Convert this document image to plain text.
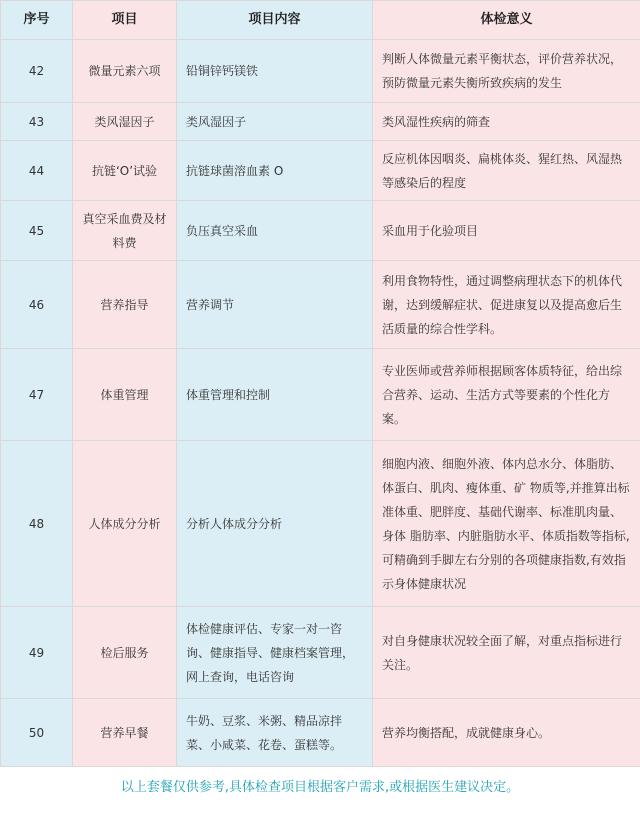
序号	项目	项目内容	体检意义
42	微量元素六项	铅铜锌钙镁铁	判断人体微量元素平衡状态，评价营养状况，预防微量元素失衡所致疾病的发生
43	类风湿因子	类风湿因子	类风湿性疾病的筛查
44	抗链‘O’试验	抗链球菌溶血素 O	反应机体因咽炎、扁桃体炎、猩红热、风湿热等感染后的程度
45	真空采血费及材料费	负压真空采血	采血用于化验项目
46	营养指导	营养调节	利用食物特性，通过调整病理状态下的机体代谢，达到缓解症状、促进康复以及提高愈后生活质量的综合性学科。
47	体重管理	体重管理和控制	专业医师或营养师根据顾客体质特征，给出综合营养、运动、生活方式等要素的个性化方案。
48	人体成分分析	分析人体成分分析	细胞内液、细胞外液、体内总水分、体脂肪、体蛋白、肌肉、瘦体重、矿 物质等,并推算出标准体重、肥胖度、基础代谢率、标准肌肉量、身体 脂肪率、内脏脂肪水平、体质指数等指标,可精确到手脚左右分别的各项健康指数,有效指示身体健康状况
49	检后服务	体检健康评估、专家一对一咨询、健康指导、健康档案管理，网上查询，电话咨询	对自身健康状况较全面了解，对重点指标进行关注。
50	营养早餐	牛奶、豆浆、米粥、精品凉拌菜、小咸菜、花卷、蛋糕等。	营养均衡搭配，成就健康身心。
以上套餐仅供参考,具体检查项目根据客户需求,或根据医生建议决定。
